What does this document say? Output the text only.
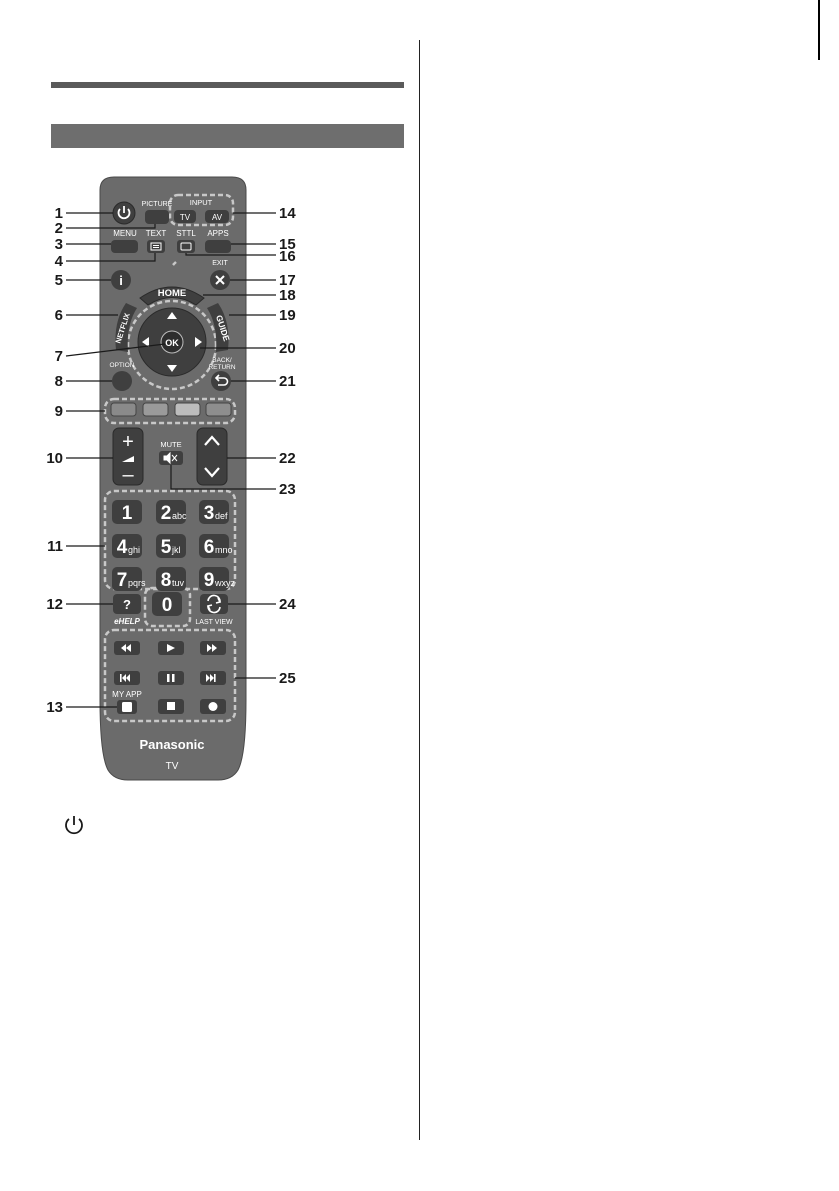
PICTURE INPUT
TV	AV
MENU TEXT STTL APPS
i
EXIT
HOME
NETFLIX	GUIDE
OK
OPTION
BACK/
RETURN
+
–
MUTE
1 2 abc 3 def
4 ghi 5 jkl 6 mno
7 pqrs 8 tuv 9 wxyz
0
?
eHELP	LAST VIEW
MY APP
Panasonic
TV
1
2
3
4
5
6
7
8
9
10
11
12
13
14
15
16
17
18
19
20
21
22
23
24
25
